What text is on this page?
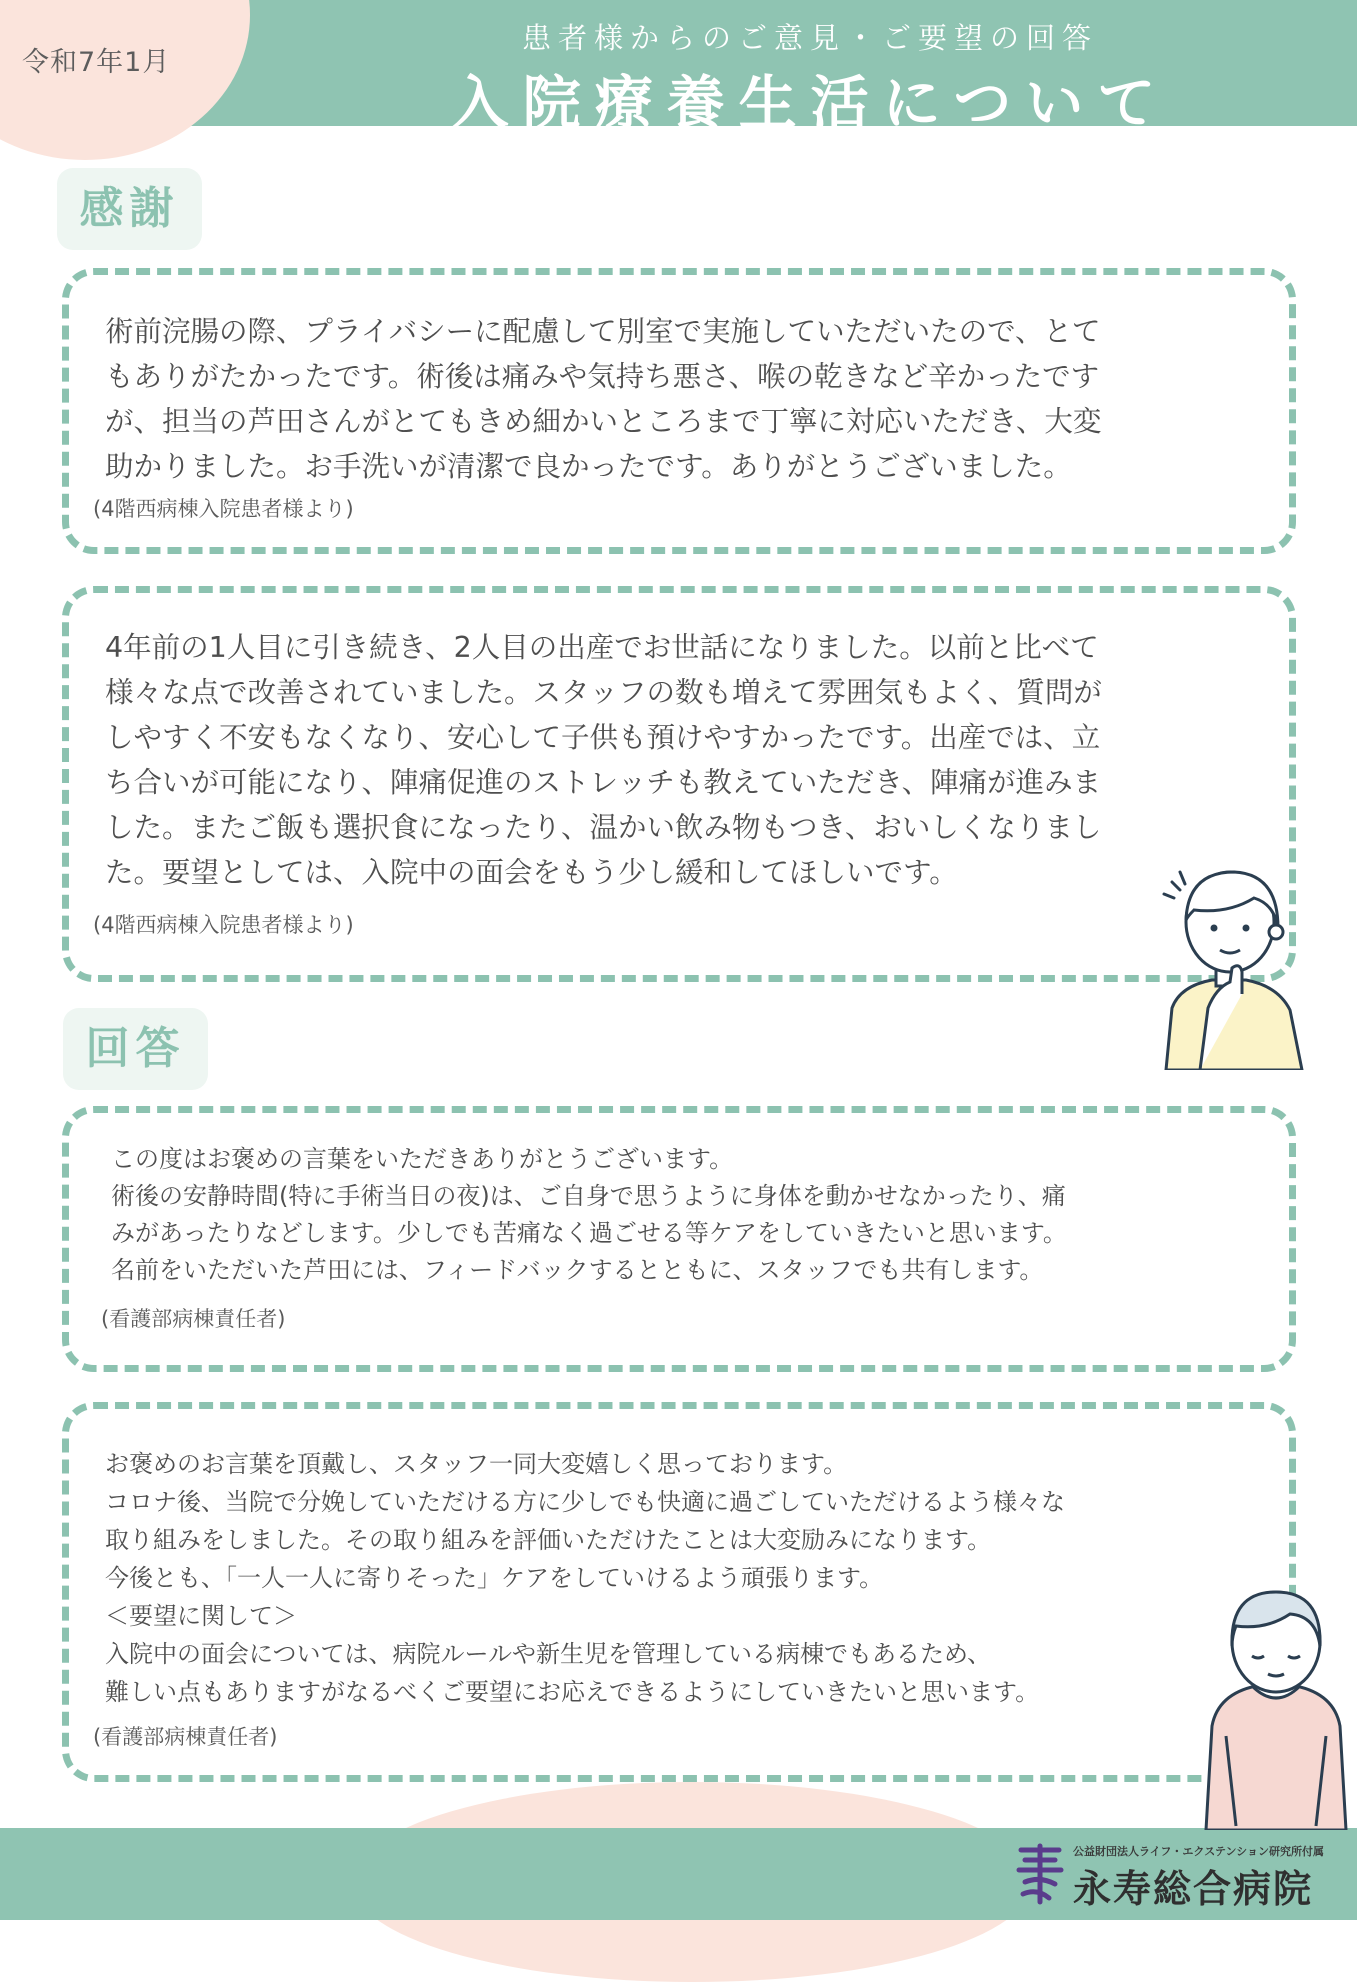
令和7年1月
患者様からのご意見・ご要望の回答
入院療養生活について
感謝
術前浣腸の際、プライバシーに配慮して別室で実施していただいたので、とて
もありがたかったです。術後は痛みや気持ち悪さ、喉の乾きなど辛かったです
が、担当の芦田さんがとてもきめ細かいところまで丁寧に対応いただき、大変
助かりました。お手洗いが清潔で良かったです。ありがとうございました。
(4階西病棟入院患者様より)
4年前の1人目に引き続き、2人目の出産でお世話になりました。以前と比べて
様々な点で改善されていました。スタッフの数も増えて雰囲気もよく、質問が
しやすく不安もなくなり、安心して子供も預けやすかったです。出産では、立
ち合いが可能になり、陣痛促進のストレッチも教えていただき、陣痛が進みま
した。またご飯も選択食になったり、温かい飲み物もつき、おいしくなりまし
た。要望としては、入院中の面会をもう少し緩和してほしいです。
(4階西病棟入院患者様より)
回答
この度はお褒めの言葉をいただきありがとうございます。
術後の安静時間(特に手術当日の夜)は、ご自身で思うように身体を動かせなかったり、痛
みがあったりなどします。少しでも苦痛なく過ごせる等ケアをしていきたいと思います。
名前をいただいた芦田には、フィードバックするとともに、スタッフでも共有します。
(看護部病棟責任者)
お褒めのお言葉を頂戴し、スタッフ一同大変嬉しく思っております。
コロナ後、当院で分娩していただける方に少しでも快適に過ごしていただけるよう様々な
取り組みをしました。その取り組みを評価いただけたことは大変励みになります。
今後とも、「一人一人に寄りそった」ケアをしていけるよう頑張ります。
＜要望に関して＞
入院中の面会については、病院ルールや新生児を管理している病棟でもあるため、
難しい点もありますがなるべくご要望にお応えできるようにしていきたいと思います。
(看護部病棟責任者)
公益財団法人ライフ・エクステンション研究所付属
永寿総合病院
